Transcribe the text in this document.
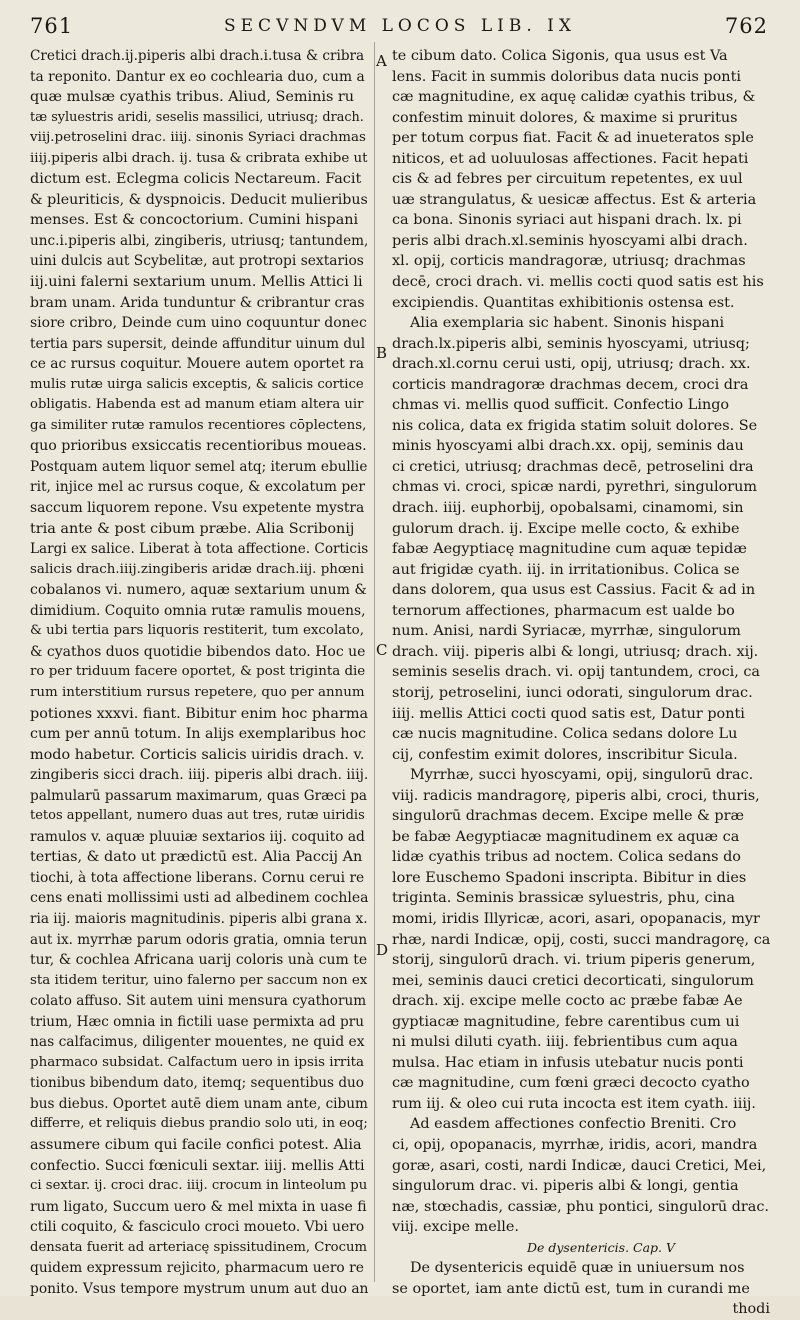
761	SECVNDVM LOCOS LIB. IX	762
A
B
C
D
Cretici drach.ij.piperis albi drach.i.tusa & cribra
ta reponito. Dantur ex eo cochlearia duo, cum a
quæ mulsæ cyathis tribus. Aliud, Seminis ru
tæ syluestris aridi, seselis massilici, utriusq; drach.
viij.petroselini drac. iiij. sinonis Syriaci drachmas
iiij.piperis albi drach. ij. tusa & cribrata exhibe ut
dictum est. Eclegma colicis Nectareum. Facit
& pleuriticis, & dyspnoicis. Deducit mulieribus
menses. Est & concoctorium. Cumini hispani
unc.i.piperis albi, zingiberis, utriusq; tantundem,
uini dulcis aut Scybelitæ, aut protropi sextarios
iij.uini falerni sextarium unum. Mellis Attici li
bram unam. Arida tunduntur & cribrantur cras
siore cribro, Deinde cum uino coquuntur donec
tertia pars supersit, deinde affunditur uinum dul
ce ac rursus coquitur. Mouere autem oportet ra
mulis rutæ uirga salicis exceptis, & salicis cortice
obligatis. Habenda est ad manum etiam altera uir
ga similiter rutæ ramulos recentiores cōplectens,
quo prioribus exsiccatis recentioribus moueas.
Postquam autem liquor semel atq; iterum ebullie
rit, injice mel ac rursus coque, & excolatum per
saccum liquorem repone. Vsu expetente mystra
tria ante & post cibum præbe. Alia Scribonij
Largi ex salice. Liberat à tota affectione. Corticis
salicis drach.iiij.zingiberis aridæ drach.iij. phœni
cobalanos vi. numero, aquæ sextarium unum &
dimidium. Coquito omnia rutæ ramulis mouens,
& ubi tertia pars liquoris restiterit, tum excolato,
& cyathos duos quotidie bibendos dato. Hoc ue
ro per triduum facere oportet, & post triginta die
rum interstitium rursus repetere, quo per annum
potiones xxxvi. fiant. Bibitur enim hoc pharma
cum per annū totum. In alijs exemplaribus hoc
modo habetur. Corticis salicis uiridis drach. v.
zingiberis sicci drach. iiij. piperis albi drach. iiij.
palmularū passarum maximarum, quas Græci pa
tetos appellant, numero duas aut tres, rutæ uiridis
ramulos v. aquæ pluuiæ sextarios iij. coquito ad
tertias, & dato ut prædictū est. Alia Paccij An
tiochi, à tota affectione liberans. Cornu cerui re
cens enati mollissimi usti ad albedinem cochlea
ria iij. maioris magnitudinis. piperis albi grana x.
aut ix. myrrhæ parum odoris gratia, omnia terun
tur, & cochlea Africana uarij coloris unà cum te
sta itidem teritur, uino falerno per saccum non ex
colato affuso. Sit autem uini mensura cyathorum
trium, Hæc omnia in fictili uase permixta ad pru
nas calfacimus, diligenter mouentes, ne quid ex
pharmaco subsidat. Calfactum uero in ipsis irrita
tionibus bibendum dato, itemq; sequentibus duo
bus diebus. Oportet autē diem unam ante, cibum
differre, et reliquis diebus prandio solo uti, in eoq;
assumere cibum qui facile confici potest. Alia
confectio. Succi fœniculi sextar. iiij. mellis Atti
ci sextar. ij. croci drac. iiij. crocum in linteolum pu
rum ligato, Succum uero & mel mixta in uase fi
ctili coquito, & fasciculo croci moueto. Vbi uero
densata fuerit ad arteriacę spissitudinem, Crocum
quidem expressum rejicito, pharmacum uero re
ponito. Vsus tempore mystrum unum aut duo an
te cibum dato. Colica Sigonis, qua usus est Va
lens. Facit in summis doloribus data nucis ponti
cæ magnitudine, ex aquę calidæ cyathis tribus, &
confestim minuit dolores, & maxime si pruritus
per totum corpus fiat. Facit & ad inueteratos sple
niticos, et ad uoluulosas affectiones. Facit hepati
cis & ad febres per circuitum repetentes, ex uul
uæ strangulatus, & uesicæ affectus. Est & arteria
ca bona. Sinonis syriaci aut hispani drach. lx. pi
peris albi drach.xl.seminis hyoscyami albi drach.
xl. opij, corticis mandragoræ, utriusq; drachmas
decē, croci drach. vi. mellis cocti quod satis est his
excipiendis. Quantitas exhibitionis ostensa est.
Alia exemplaria sic habent. Sinonis hispani
drach.lx.piperis albi, seminis hyoscyami, utriusq;
drach.xl.cornu cerui usti, opij, utriusq; drach. xx.
corticis mandragoræ drachmas decem, croci dra
chmas vi. mellis quod sufficit. Confectio Lingo
nis colica, data ex frigida statim soluit dolores. Se
minis hyoscyami albi drach.xx. opij, seminis dau
ci cretici, utriusq; drachmas decē, petroselini dra
chmas vi. croci, spicæ nardi, pyrethri, singulorum
drach. iiij. euphorbij, opobalsami, cinamomi, sin
gulorum drach. ij. Excipe melle cocto, & exhibe
fabæ Aegyptiacę magnitudine cum aquæ tepidæ
aut frigidæ cyath. iij. in irritationibus. Colica se
dans dolorem, qua usus est Cassius. Facit & ad in
ternorum affectiones, pharmacum est ualde bo
num. Anisi, nardi Syriacæ, myrrhæ, singulorum
drach. viij. piperis albi & longi, utriusq; drach. xij.
seminis seselis drach. vi. opij tantundem, croci, ca
storij, petroselini, iunci odorati, singulorum drac.
iiij. mellis Attici cocti quod satis est, Datur ponti
cæ nucis magnitudine. Colica sedans dolore Lu
cij, confestim eximit dolores, inscribitur Sicula.
Myrrhæ, succi hyoscyami, opij, singulorū drac.
viij. radicis mandragorę, piperis albi, croci, thuris,
singulorū drachmas decem. Excipe melle & præ
be fabæ Aegyptiacæ magnitudinem ex aquæ ca
lidæ cyathis tribus ad noctem. Colica sedans do
lore Euschemo Spadoni inscripta. Bibitur in dies
triginta. Seminis brassicæ syluestris, phu, cina
momi, iridis Illyricæ, acori, asari, opopanacis, myr
rhæ, nardi Indicæ, opij, costi, succi mandragorę, ca
storij, singulorū drach. vi. trium piperis generum,
mei, seminis dauci cretici decorticati, singulorum
drach. xij. excipe melle cocto ac præbe fabæ Ae
gyptiacæ magnitudine, febre carentibus cum ui
ni mulsi diluti cyath. iiij. febrientibus cum aqua
mulsa. Hac etiam in infusis utebatur nucis ponti
cæ magnitudine, cum fœni græci decocto cyatho
rum iij. & oleo cui ruta incocta est item cyath. iiij.
Ad easdem affectiones confectio Breniti. Cro
ci, opij, opopanacis, myrrhæ, iridis, acori, mandra
goræ, asari, costi, nardi Indicæ, dauci Cretici, Mei,
singulorum drac. vi. piperis albi & longi, gentia
næ, stœchadis, cassiæ, phu pontici, singulorū drac.
viij. excipe melle.
De dysentericis. Cap. V
De dysentericis equidē quæ in uniuersum nos
se oportet, iam ante dictū est, tum in curandi me
thodi
